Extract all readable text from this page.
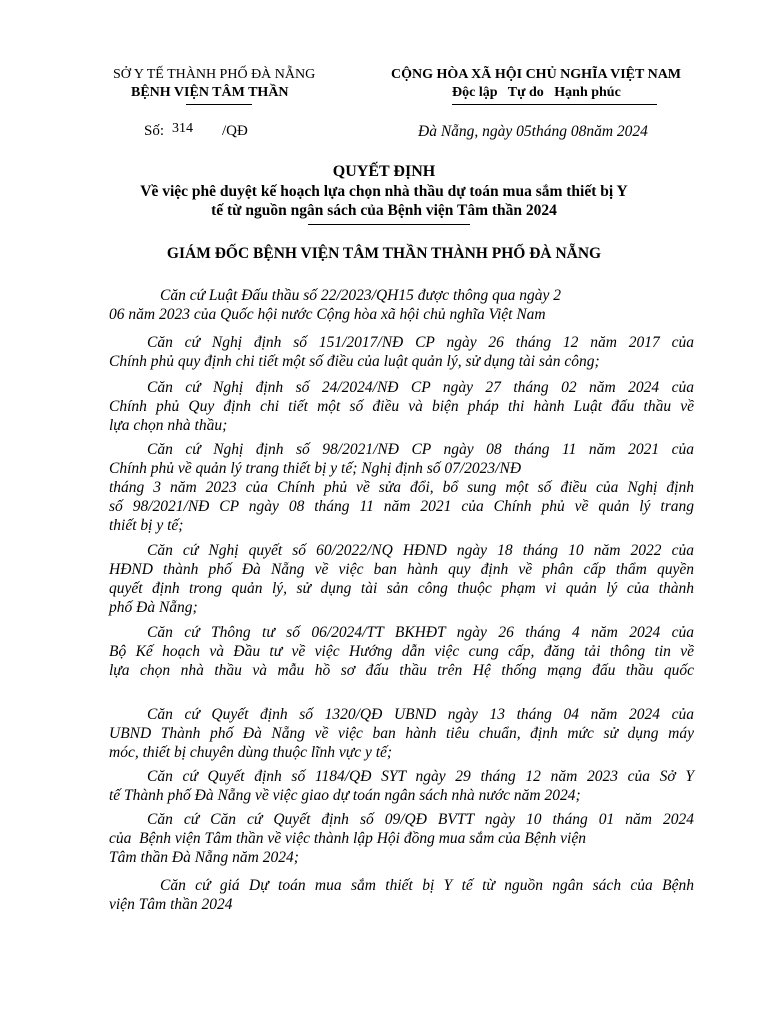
SỞ Y TẾ THÀNH PHỐ ĐÀ NẴNG
BỆNH VIỆN TÂM THẦN
CỘNG HÒA XÃ HỘI CHỦ NGHĨA VIỆT NAM
Độc lập   Tự do   Hạnh phúc
Số: 314 /QĐ	Đà Nẵng, ngày 05tháng 08năm 2024
QUYẾT ĐỊNH
Về việc phê duyệt kế hoạch lựa chọn nhà thầu dự toán mua sắm thiết bị Y
tế từ nguồn ngân sách của Bệnh viện Tâm thần 2024
GIÁM ĐỐC BỆNH VIỆN TÂM THẦN THÀNH PHỐ ĐÀ NẴNG
Căn cứ Luật Đấu thầu số 22/2023/QH15 được thông qua ngày 2
06 năm 2023 của Quốc hội nước Cộng hòa xã hội chủ nghĩa Việt Nam
Căn cứ Nghị định số 151/2017/NĐ CP ngày 26 tháng 12 năm 2017 của
Chính phủ quy định chi tiết một số điều của luật quản lý, sử dụng tài sản công;
Căn cứ Nghị định số 24/2024/NĐ CP ngày 27 tháng 02 năm 2024 của
Chính phủ Quy định chi tiết một số điều và biện pháp thi hành Luật đấu thầu về
lựa chọn nhà thầu;
Căn cứ Nghị định số 98/2021/NĐ CP ngày 08 tháng 11 năm 2021 của
Chính phủ về quản lý trang thiết bị y tế; Nghị định số 07/2023/NĐ
tháng 3 năm 2023 của Chính phủ về sửa đổi, bổ sung một số điều của Nghị định
số 98/2021/NĐ CP ngày 08 tháng 11 năm 2021 của Chính phủ về quản lý trang
thiết bị y tế;
Căn cứ Nghị quyết số 60/2022/NQ HĐND ngày 18 tháng 10 năm 2022 của
HĐND thành phố Đà Nẵng về việc ban hành quy định về phân cấp thẩm quyền
quyết định trong quản lý, sử dụng tài sản công thuộc phạm vi quản lý của thành
phố Đà Nẵng;
Căn cứ Thông tư số 06/2024/TT BKHĐT ngày 26 tháng 4 năm 2024 của
Bộ Kế hoạch và Đầu tư về việc Hướng dẫn việc cung cấp, đăng tải thông tin về
lựa chọn nhà thầu và mẫu hồ sơ đấu thầu trên Hệ thống mạng đấu thầu quốc
Căn cứ Quyết định số 1320/QĐ UBND ngày 13 tháng 04 năm 2024 của
UBND Thành phố Đà Nẵng về việc ban hành tiêu chuẩn, định mức sử dụng máy
móc, thiết bị chuyên dùng thuộc lĩnh vực y tế;
Căn cứ Quyết định số 1184/QĐ SYT ngày 29 tháng 12 năm 2023 của Sở Y
tế Thành phố Đà Nẵng về việc giao dự toán ngân sách nhà nước năm 2024;
Căn cứ Căn cứ Quyết định số 09/QĐ BVTT ngày 10 tháng 01 năm 2024
của  Bệnh viện Tâm thần về việc thành lập Hội đồng mua sắm của Bệnh viện
Tâm thần Đà Nẵng năm 2024;
Căn cứ giá Dự toán mua sắm thiết bị Y tế từ nguồn ngân sách của Bệnh
viện Tâm thần 2024
